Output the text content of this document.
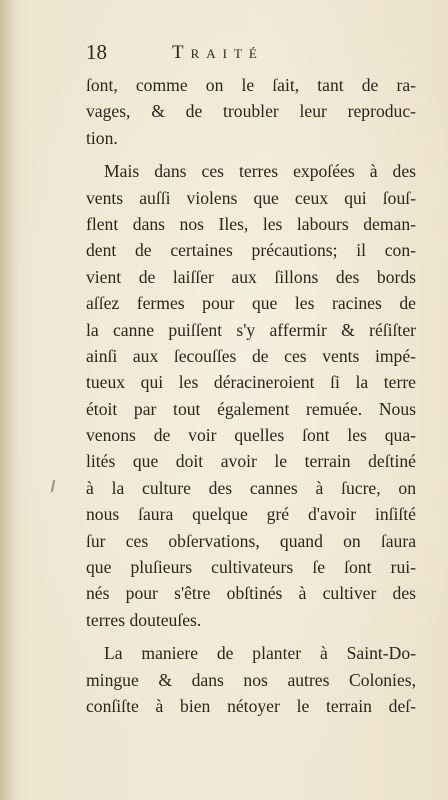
18	Traité
ſont, comme on le ſait, tant de ra-
vages, & de troubler leur reproduc-
tion.
Mais dans ces terres expoſées à des
vents auſſi violens que ceux qui ſouſ-
flent dans nos Iles, les labours deman-
dent de certaines précautions; il con-
vient de laiſſer aux ſillons des bords
aſſez fermes pour que les racines de
la canne puiſſent s'y affermir & réſiſter
ainſi aux ſecouſſes de ces vents impé-
tueux qui les déracineroient ſi la terre
étoit par tout également remuée. Nous
venons de voir quelles ſont les qua-
lités que doit avoir le terrain deſtiné
à la culture des cannes à ſucre, on
nous ſaura quelque gré d'avoir inſiſté
ſur ces obſervations, quand on ſaura
que pluſieurs cultivateurs ſe ſont rui-
nés pour s'être obſtinés à cultiver des
terres douteuſes.
La maniere de planter à Saint-Do-
mingue & dans nos autres Colonies,
conſiſte à bien nétoyer le terrain deſ-
